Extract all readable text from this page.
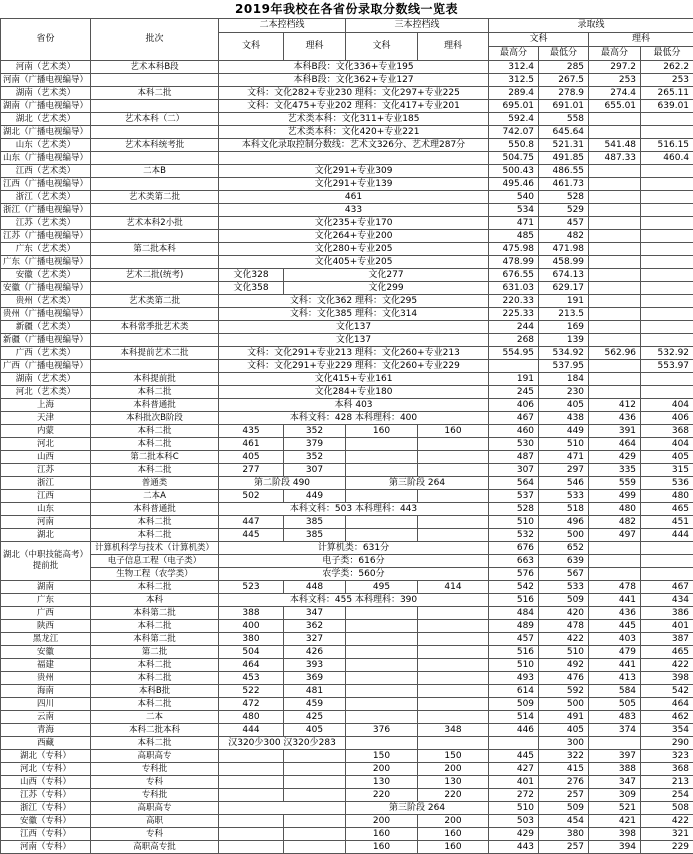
2019年我校在各省份录取分数线一览表
省份	批次	二本控档线		三本控档线		录取线			
		文科	理科	文科	理科	文科		理科	
						最高分	最低分	最高分	最低分
河南（艺术类）	艺术本科B段	本科B段：文化336+专业195				312.4	285	297.2	262.2
河南（广播电视编导）		本科B段：文化362+专业127				312.5	267.5	253	253
湖南（艺术类）	本科二批	文科：文化282+专业230 理科：文化297+专业225				289.4	278.9	274.4	265.11
湖南（广播电视编导）		文科：文化475+专业202 理科：文化417+专业201				695.01	691.01	655.01	639.01
湖北（艺术类）	艺术本科（二）	艺术类本科：文化311+专业185				592.4	558		
湖北（广播电视编导）		艺术类本科：文化420+专业221				742.07	645.64		
山东（艺术类）	艺术本科统考批	本科文化录取控制分数线：艺术文326分、艺术理287分				550.8	521.31	541.48	516.15
山东（广播电视编导）						504.75	491.85	487.33	460.4
江西（艺术类）	二本B	文化291+专业309				500.43	486.55		
江西（广播电视编导）		文化291+专业139				495.46	461.73		
浙江（艺术类）	艺术类第二批	461				540	528		
浙江（广播电视编导）		433				534	529		
江苏（艺术类）	艺术本科2小批	文化235+专业170				471	457		
江苏（广播电视编导）		文化264+专业200				485	482		
广东（艺术类）	第二批本科	文化280+专业205				475.98	471.98		
广东（广播电视编导）		文化405+专业205				478.99	458.99		
安徽（艺术类）	艺术二批(统考)	文化328	文化277			676.55	674.13		
安徽（广播电视编导）		文化358	文化299			631.03	629.17		
贵州（艺术类）	艺术类第二批	文科：文化362 理科：文化295				220.33	191		
贵州（广播电视编导）		文科：文化385 理科：文化314				225.33	213.5		
新疆（艺术类）	本科常季批艺术类	文化137				244	169		
新疆（广播电视编导）		文化137				268	139		
广西（艺术类）	本科提前艺术二批	文科：文化291+专业213 理科：文化260+专业213				554.95	534.92	562.96	532.92
广西（广播电视编导）		文科：文化291+专业229 理科：文化260+专业229					537.95		553.97
湖南（艺术类）	本科提前批	文化415+专业161				191	184		
河北（艺术类）	本科二批	文化284+专业180				245	230		
上海	本科普通批	本科 403				406	405	412	404
天津	本科批次B阶段	本科文科：428 本科理科：400				467	438	436	406
内蒙	本科二批	435	352	160	160	460	449	391	368
河北	本科二批	461	379			530	510	464	404
山西	第二批本科C	405	352			487	471	429	405
江苏	本科二批	277	307			307	297	335	315
浙江	普通类	第二阶段 490		第三阶段 264		564	546	559	536
江西	二本A	502	449			537	533	499	480
山东	本科普通批	本科文科：503 本科理科：443				528	518	480	465
河南	本科二批	447	385			510	496	482	451
湖北	本科二批	445	385			532	500	497	444
湖北（中职技能高考）提前批	计算机科学与技术（计算机类）	计算机类：631分				676	652		
	电子信息工程（电子类）	电子类：616分				663	639		
	生物工程（农学类）	农学类：560分				576	567		
湖南	本科二批	523	448	495	414	542	533	478	467
广东	本科	本科文科：455 本科理科：390				516	509	441	434
广西	本科第二批	388	347			484	420	436	386
陕西	本科二批	400	362			489	478	445	401
黑龙江	本科第二批	380	327			457	422	403	387
安徽	第二批	504	426			516	510	479	465
福建	本科二批	464	393			510	492	441	422
贵州	本科二批	453	369			493	476	413	398
海南	本科B批	522	481			614	592	584	542
四川	本科二批	472	459			509	500	505	464
云南	二本	480	425			514	491	483	462
青海	本科二批本科	444	405	376	348	446	405	374	354
西藏	本科二批	汉320少300 汉320少283					300		290
湖北（专科）	高职高专			150	150	445	322	397	323
河北（专科）	专科批			200	200	427	415	388	368
山西（专科）	专科			130	130	401	276	347	213
江苏（专科）	专科批			220	220	272	257	309	254
浙江（专科）	高职高专			第三阶段 264		510	509	521	508
安徽（专科）	高职			200	200	503	454	421	422
江西（专科）	专科			160	160	429	380	398	321
河南（专科）	高职高专批			160	160	443	257	394	229
